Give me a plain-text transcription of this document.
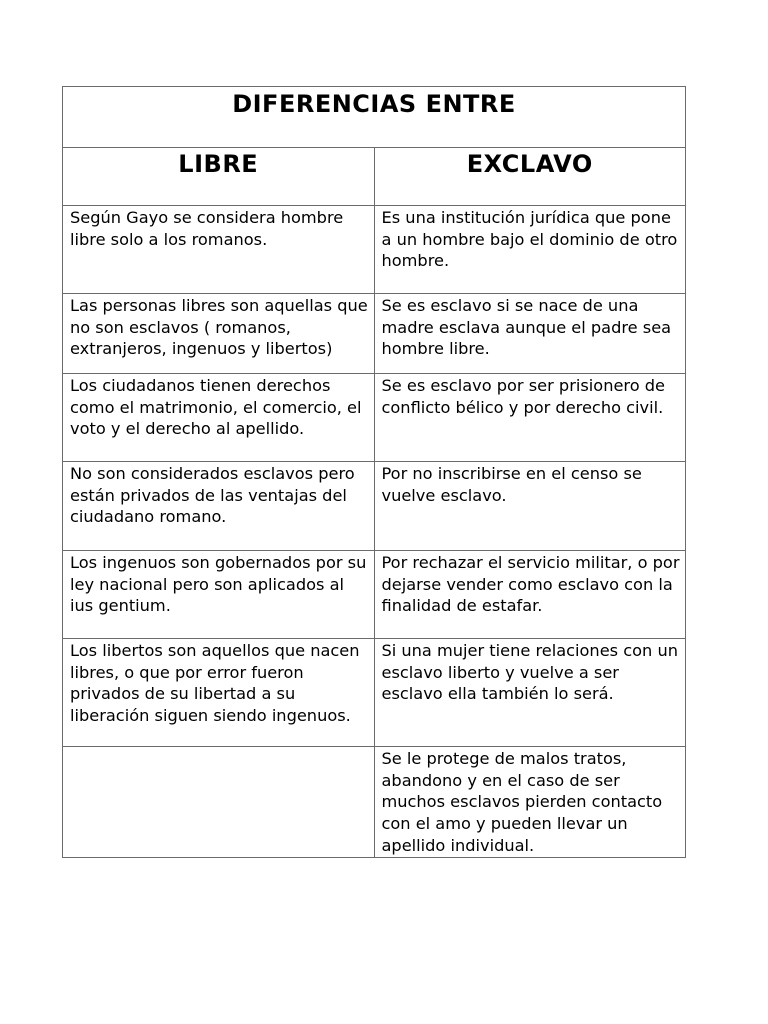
DIFERENCIAS ENTRE	

LIBRE	EXCLAVO

Según Gayo se considera hombre libre solo a los romanos.	Es una institución jurídica que pone a un hombre bajo el dominio de otro hombre.
Las personas libres son aquellas que no son esclavos ( romanos, extranjeros, ingenuos y libertos)	Se es esclavo si se nace de una madre esclava aunque el padre sea hombre libre.
Los ciudadanos tienen derechos como el matrimonio, el comercio, el voto y el derecho al apellido.	Se es esclavo por ser prisionero de conflicto bélico y por derecho civil.
No son considerados esclavos pero están privados de las ventajas del ciudadano romano.	Por no inscribirse en el censo se vuelve esclavo.
Los ingenuos son gobernados por su ley nacional pero son aplicados al ius gentium.	Por rechazar el servicio militar, o por dejarse vender como esclavo con la finalidad de estafar.
Los libertos son aquellos que nacen libres, o que por error fueron privados de su libertad a su liberación siguen siendo ingenuos.	Si una mujer tiene relaciones con un esclavo liberto y vuelve a ser esclavo ella también lo será.
	Se le protege de malos tratos, abandono y en el caso de ser muchos esclavos pierden contacto con el amo y pueden llevar un apellido individual.
